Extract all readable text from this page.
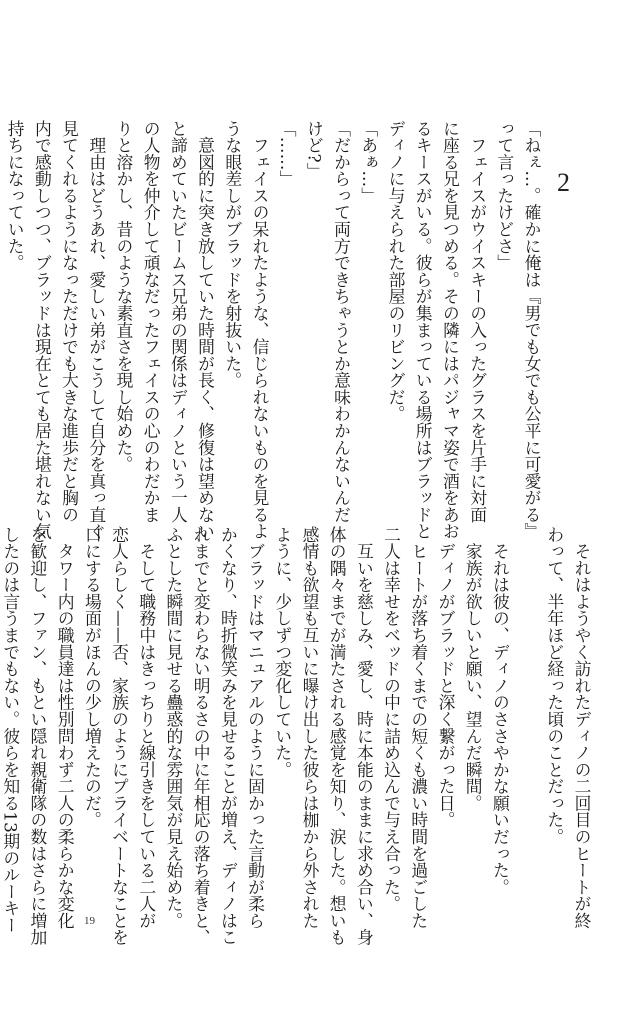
2
「ねぇ…。確かに俺は『男でも女でも公平に可愛がる』
って言ったけどさ」
　フェイスがウイスキーの入ったグラスを片手に対面
に座る兄を見つめる。その隣にはパジャマ姿で酒をあお
るキースがいる。彼らが集まっている場所はブラッドと
ディノに与えられた部屋のリビングだ。
「あぁ…」
「だからって両方できちゃうとか意味わかんないんだ
けど?」
「……」
　フェイスの呆れたような、信じられないものを見るよ
うな眼差しがブラッドを射抜いた。
　意図的に突き放していた時間が長く、修復は望めない
と諦めていたビームス兄弟の関係はディノという一人
の人物を仲介して頑なだったフェイスの心のわだかま
りと溶かし、昔のような素直さを現し始めた。
　理由はどうあれ、愛しい弟がこうして自分を真っ直ぐ
見てくれるようになっただけでも大きな進歩だと胸の
内で感動しつつ、ブラッドは現在とても居た堪れない気
持ちになっていた。
　それはようやく訪れたディノの二回目のヒートが終
わって、半年ほど経った頃のことだった。

　それは彼の、ディノのささやかな願いだった。
　家族が欲しいと願い、望んだ瞬間。
　ディノがブラッドと深く繋がった日。
　ヒートが落ち着くまでの短くも濃い時間を過ごした
二人は幸せをベッドの中に詰め込んで与え合った。
　互いを慈しみ、愛し、時に本能のままに求め合い、身
体の隅々までが満たされる感覚を知り、涙した。想いも
感情も欲望も互いに曝け出した彼らは枷から外された
ように、少しずつ変化していた。
　ブラッドはマニュアルのように固かった言動が柔ら
かくなり、時折微笑みを見せることが増え、ディノはこ
れまでと変わらない明るさの中に年相応の落ち着きと、
ふとした瞬間に見せる蠱惑的な雰囲気が見え始めた。
　そして職務中はきっちりと線引きをしている二人が
恋人らしく——否、家族のようにプライベートなことを
口にする場面がほんの少し増えたのだ。
　タワー内の職員達は性別問わず二人の柔らかな変化
を歓迎し、ファン、もとい隠れ親衛隊の数はさらに増加
したのは言うまでもない。彼らを知る13期のルーキー	19
